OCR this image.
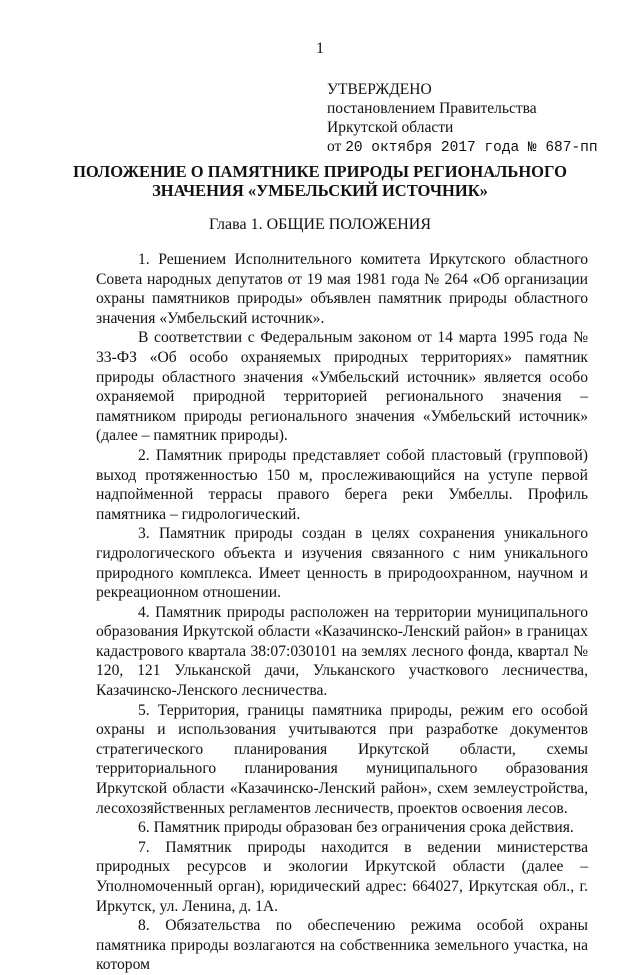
1
УТВЕРЖДЕНО
постановлением Правительства
Иркутской области
от 20 октября 2017 года № 687-пп
ПОЛОЖЕНИЕ О ПАМЯТНИКЕ ПРИРОДЫ РЕГИОНАЛЬНОГО
ЗНАЧЕНИЯ «УМБЕЛЬСКИЙ ИСТОЧНИК»
Глава 1. ОБЩИЕ ПОЛОЖЕНИЯ

1. Решением Исполнительного комитета Иркутского областного Совета народных депутатов от 19 мая 1981 года № 264 «Об организации охраны памятников природы» объявлен памятник природы областного значения «Умбельский источник».

В соответствии с Федеральным законом от 14 марта 1995 года № 33-ФЗ «Об особо охраняемых природных территориях» памятник природы областного значения «Умбельский источник» является особо охраняемой природной территорией регионального значения – памятником природы регионального значения «Умбельский источник» (далее – памятник природы).

2. Памятник природы представляет собой пластовый (групповой) выход протяженностью 150 м, прослеживающийся на уступе первой надпойменной террасы правого берега реки Умбеллы. Профиль памятника – гидрологический.

3. Памятник природы создан в целях сохранения уникального гидрологического объекта и изучения связанного с ним уникального природного комплекса. Имеет ценность в природоохранном, научном и рекреационном отношении.

4. Памятник природы расположен на территории муниципального образования Иркутской области «Казачинско-Ленский район» в границах кадастрового квартала 38:07:030101 на землях лесного фонда, квартал № 120, 121 Ульканской дачи, Ульканского участкового лесничества, Казачинско-Ленского лесничества.

5. Территория, границы памятника природы, режим его особой охраны и использования учитываются при разработке документов стратегического планирования Иркутской области, схемы территориального планирования муниципального образования Иркутской области «Казачинско-Ленский район», схем землеустройства, лесохозяйственных регламентов лесничеств, проектов освоения лесов.

6. Памятник природы образован без ограничения срока действия.

7. Памятник природы находится в ведении министерства природных ресурсов и экологии Иркутской области (далее – Уполномоченный орган), юридический адрес: 664027, Иркутская обл., г. Иркутск, ул. Ленина, д. 1А.

8. Обязательства по обеспечению режима особой охраны памятника природы возлагаются на собственника земельного участка, на котором
